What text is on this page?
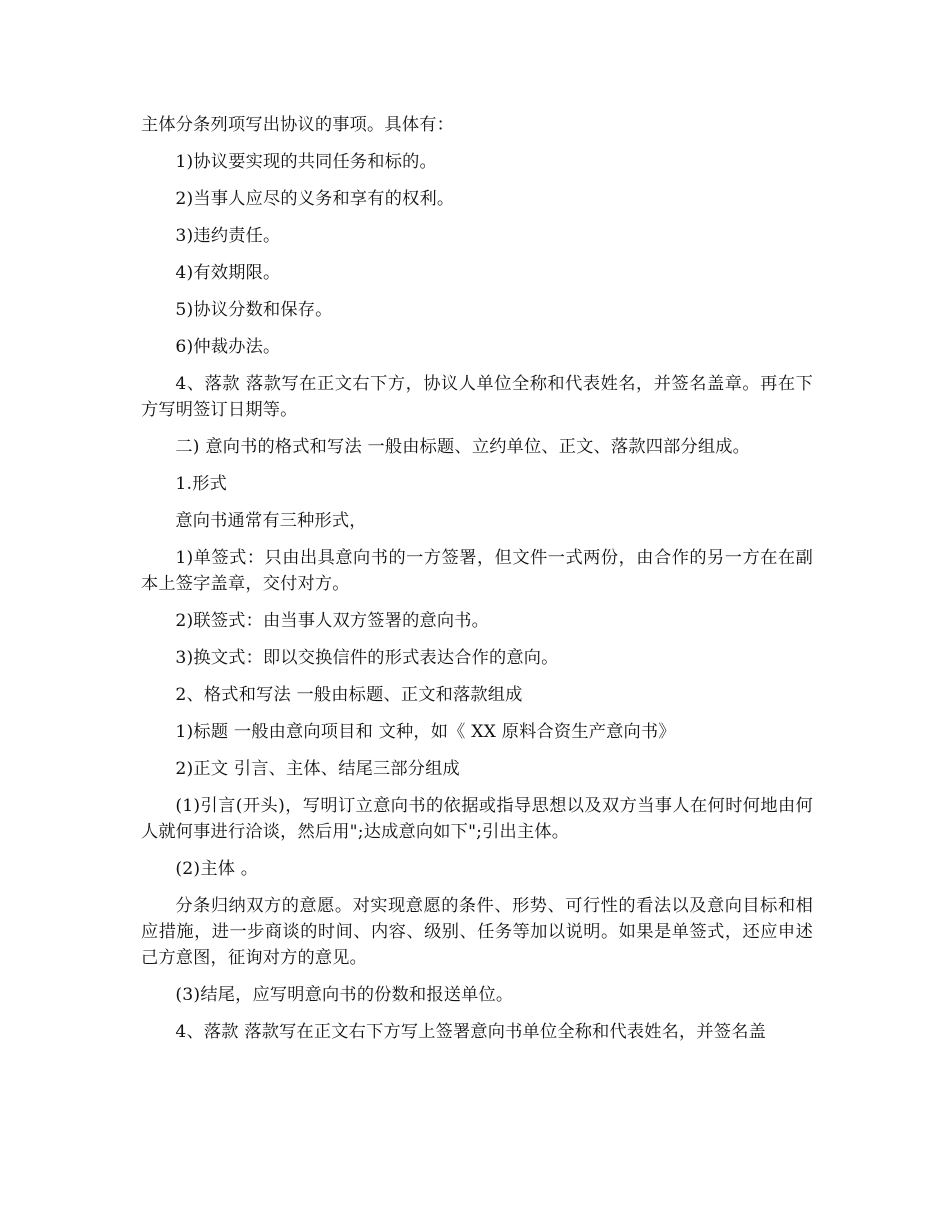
主体分条列项写出协议的事项。具体有：

1)协议要实现的共同任务和标的。

2)当事人应尽的义务和享有的权利。

3)违约责任。

4)有效期限。

5)协议分数和保存。

6)仲裁办法。

4、落款 落款写在正文右下方，协议人单位全称和代表姓名，并签名盖章。再在下方写明签订日期等。

二) 意向书的格式和写法 一般由标题、立约单位、正文、落款四部分组成。

1.形式

意向书通常有三种形式，

1)单签式：只由出具意向书的一方签署，但文件一式两份，由合作的另一方在在副本上签字盖章，交付对方。

2)联签式：由当事人双方签署的意向书。

3)换文式：即以交换信件的形式表达合作的意向。

2、格式和写法 一般由标题、正文和落款组成

1)标题 一般由意向项目和 文种，如《 XX 原料合资生产意向书》

2)正文 引言、主体、结尾三部分组成

(1)引言(开头)，写明订立意向书的依据或指导思想以及双方当事人在何时何地由何人就何事进行洽谈，然后用";达成意向如下";引出主体。

(2)主体 。

分条归纳双方的意愿。对实现意愿的条件、形势、可行性的看法以及意向目标和相应措施，进一步商谈的时间、内容、级别、任务等加以说明。如果是单签式，还应申述己方意图，征询对方的意见。

(3)结尾，应写明意向书的份数和报送单位。

4、落款 落款写在正文右下方写上签署意向书单位全称和代表姓名，并签名盖
